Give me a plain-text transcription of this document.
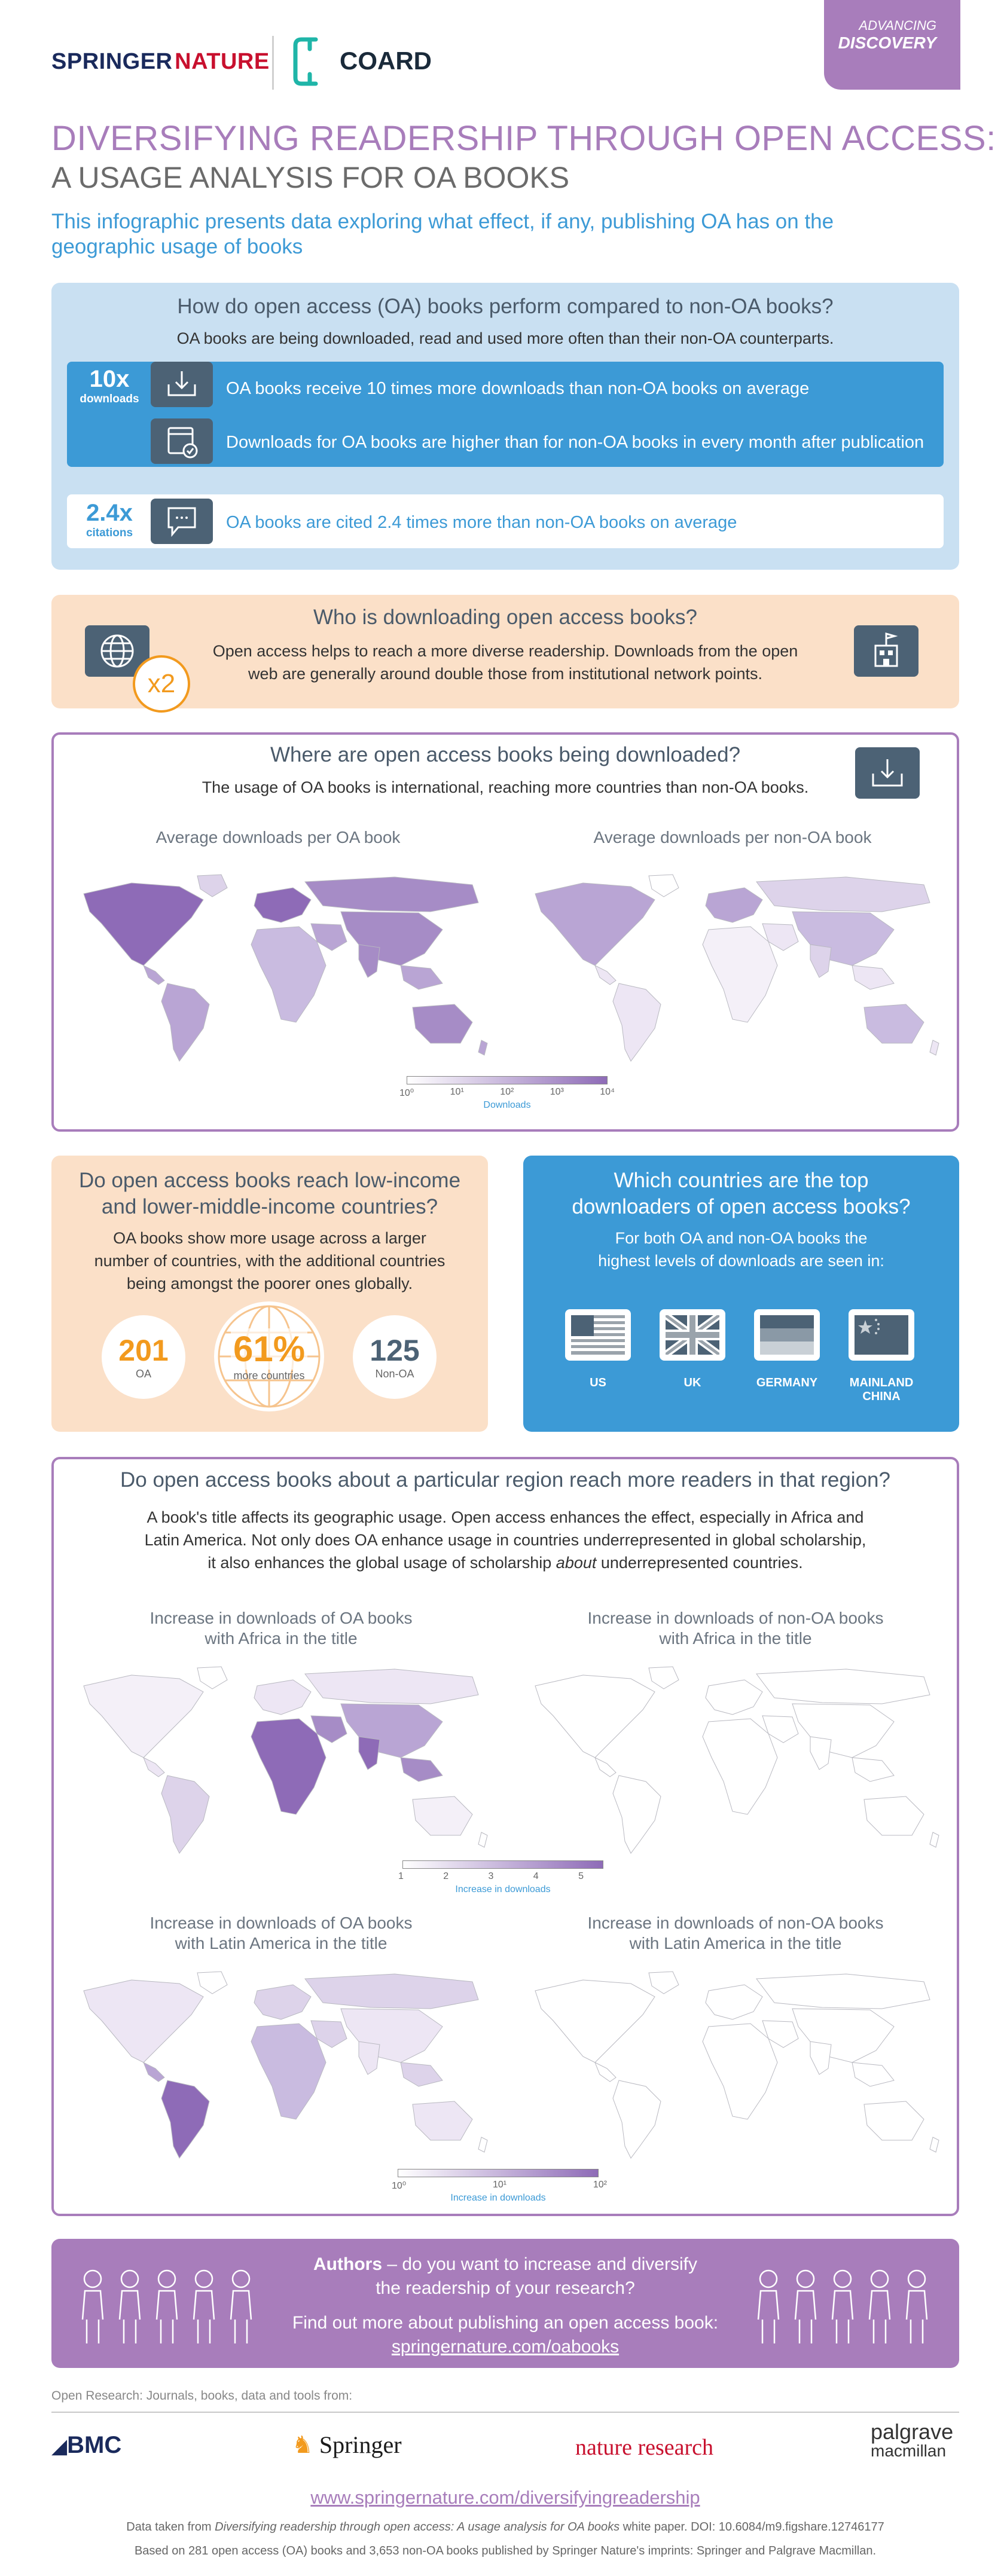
SPRINGER NATURE	COARD
ADVANCING
DISCOVERY
DIVERSIFYING READERSHIP THROUGH OPEN ACCESS:
A USAGE ANALYSIS FOR OA BOOKS
This infographic presents data exploring what effect, if any, publishing OA has on the geographic usage of books
How do open access (OA) books perform compared to non-OA books?
OA books are being downloaded, read and used more often than their non-OA counterparts.
10x
downloads
OA books receive 10 times more downloads than non-OA books on average
Downloads for OA books are higher than for non-OA books in every month after publication
2.4x
citations
OA books are cited 2.4 times more than non-OA books on average
x2
Who is downloading open access books?
Open access helps to reach a more diverse readership. Downloads from the open
web are generally around double those from institutional network points.
Where are open access books being downloaded?
The usage of OA books is international, reaching more countries than non-OA books.
Average downloads per OA book	Average downloads per non-OA book
10⁰	10¹	10²	10³	10⁴
Downloads
Do open access books reach low-income
and lower-middle-income countries?
OA books show more usage across a larger
number of countries, with the additional countries
being amongst the poorer ones globally.
201
OA
61%
more countries
125
Non-OA
Which countries are the top
downloaders of open access books?
For both OA and non-OA books the
highest levels of downloads are seen in:
US	UK	GERMANY	MAINLAND
CHINA
Do open access books about a particular region reach more readers in that region?
A book's title affects its geographic usage. Open access enhances the effect, especially in Africa and
Latin America. Not only does OA enhance usage in countries underrepresented in global scholarship,
it also enhances the global usage of scholarship about underrepresented countries.
Increase in downloads of OA books
with Africa in the title
Increase in downloads of non-OA books
with Africa in the title
1	2	3	4	5
Increase in downloads
Increase in downloads of OA books
with Latin America in the title
Increase in downloads of non-OA books
with Latin America in the title
10⁰	10¹	10²
Increase in downloads
Authors – do you want to increase and diversify
the readership of your research?
Find out more about publishing an open access book:
springernature.com/oabooks
Open Research: Journals, books, data and tools from:
◢BMC	♞ Springer	nature research
palgrave
macmillan
www.springernature.com/diversifyingreadership
Data taken from Diversifying readership through open access: A usage analysis for OA books white paper. DOI: 10.6084/m9.figshare.12746177
Based on 281 open access (OA) books and 3,653 non-OA books published by Springer Nature's imprints: Springer and Palgrave Macmillan.
